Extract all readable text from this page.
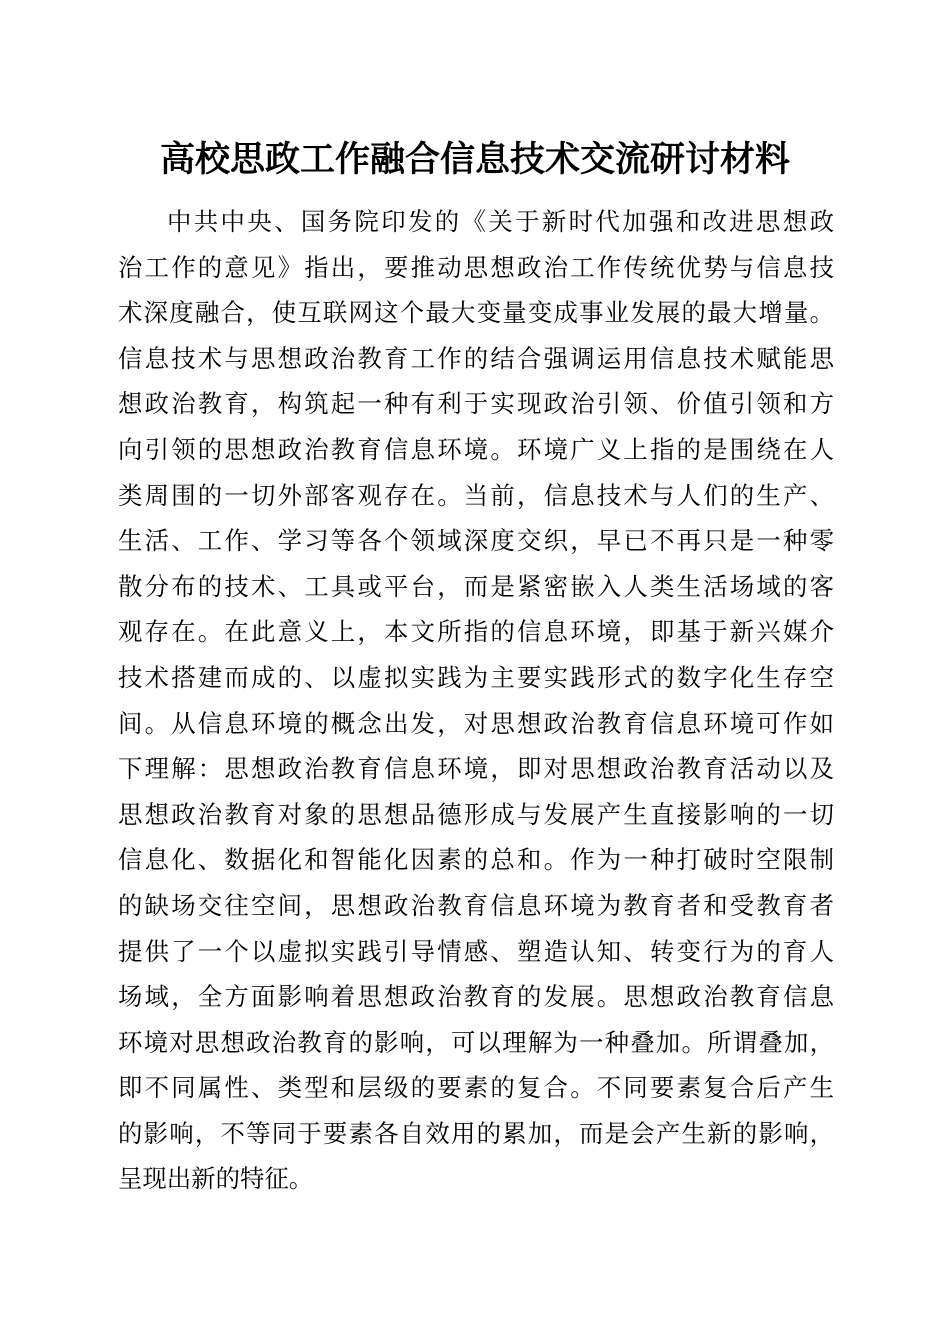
高校思政工作融合信息技术交流研讨材料
中共中央、国务院印发的《关于新时代加强和改进思想政
治工作的意见》指出，要推动思想政治工作传统优势与信息技
术深度融合，使互联网这个最大变量变成事业发展的最大增量。
信息技术与思想政治教育工作的结合强调运用信息技术赋能思
想政治教育，构筑起一种有利于实现政治引领、价值引领和方
向引领的思想政治教育信息环境。环境广义上指的是围绕在人
类周围的一切外部客观存在。当前，信息技术与人们的生产、
生活、工作、学习等各个领域深度交织，早已不再只是一种零
散分布的技术、工具或平台，而是紧密嵌入人类生活场域的客
观存在。在此意义上，本文所指的信息环境，即基于新兴媒介
技术搭建而成的、以虚拟实践为主要实践形式的数字化生存空
间。从信息环境的概念出发，对思想政治教育信息环境可作如
下理解：思想政治教育信息环境，即对思想政治教育活动以及
思想政治教育对象的思想品德形成与发展产生直接影响的一切
信息化、数据化和智能化因素的总和。作为一种打破时空限制
的缺场交往空间，思想政治教育信息环境为教育者和受教育者
提供了一个以虚拟实践引导情感、塑造认知、转变行为的育人
场域，全方面影响着思想政治教育的发展。思想政治教育信息
环境对思想政治教育的影响，可以理解为一种叠加。所谓叠加，
即不同属性、类型和层级的要素的复合。不同要素复合后产生
的影响，不等同于要素各自效用的累加，而是会产生新的影响，
呈现出新的特征。
